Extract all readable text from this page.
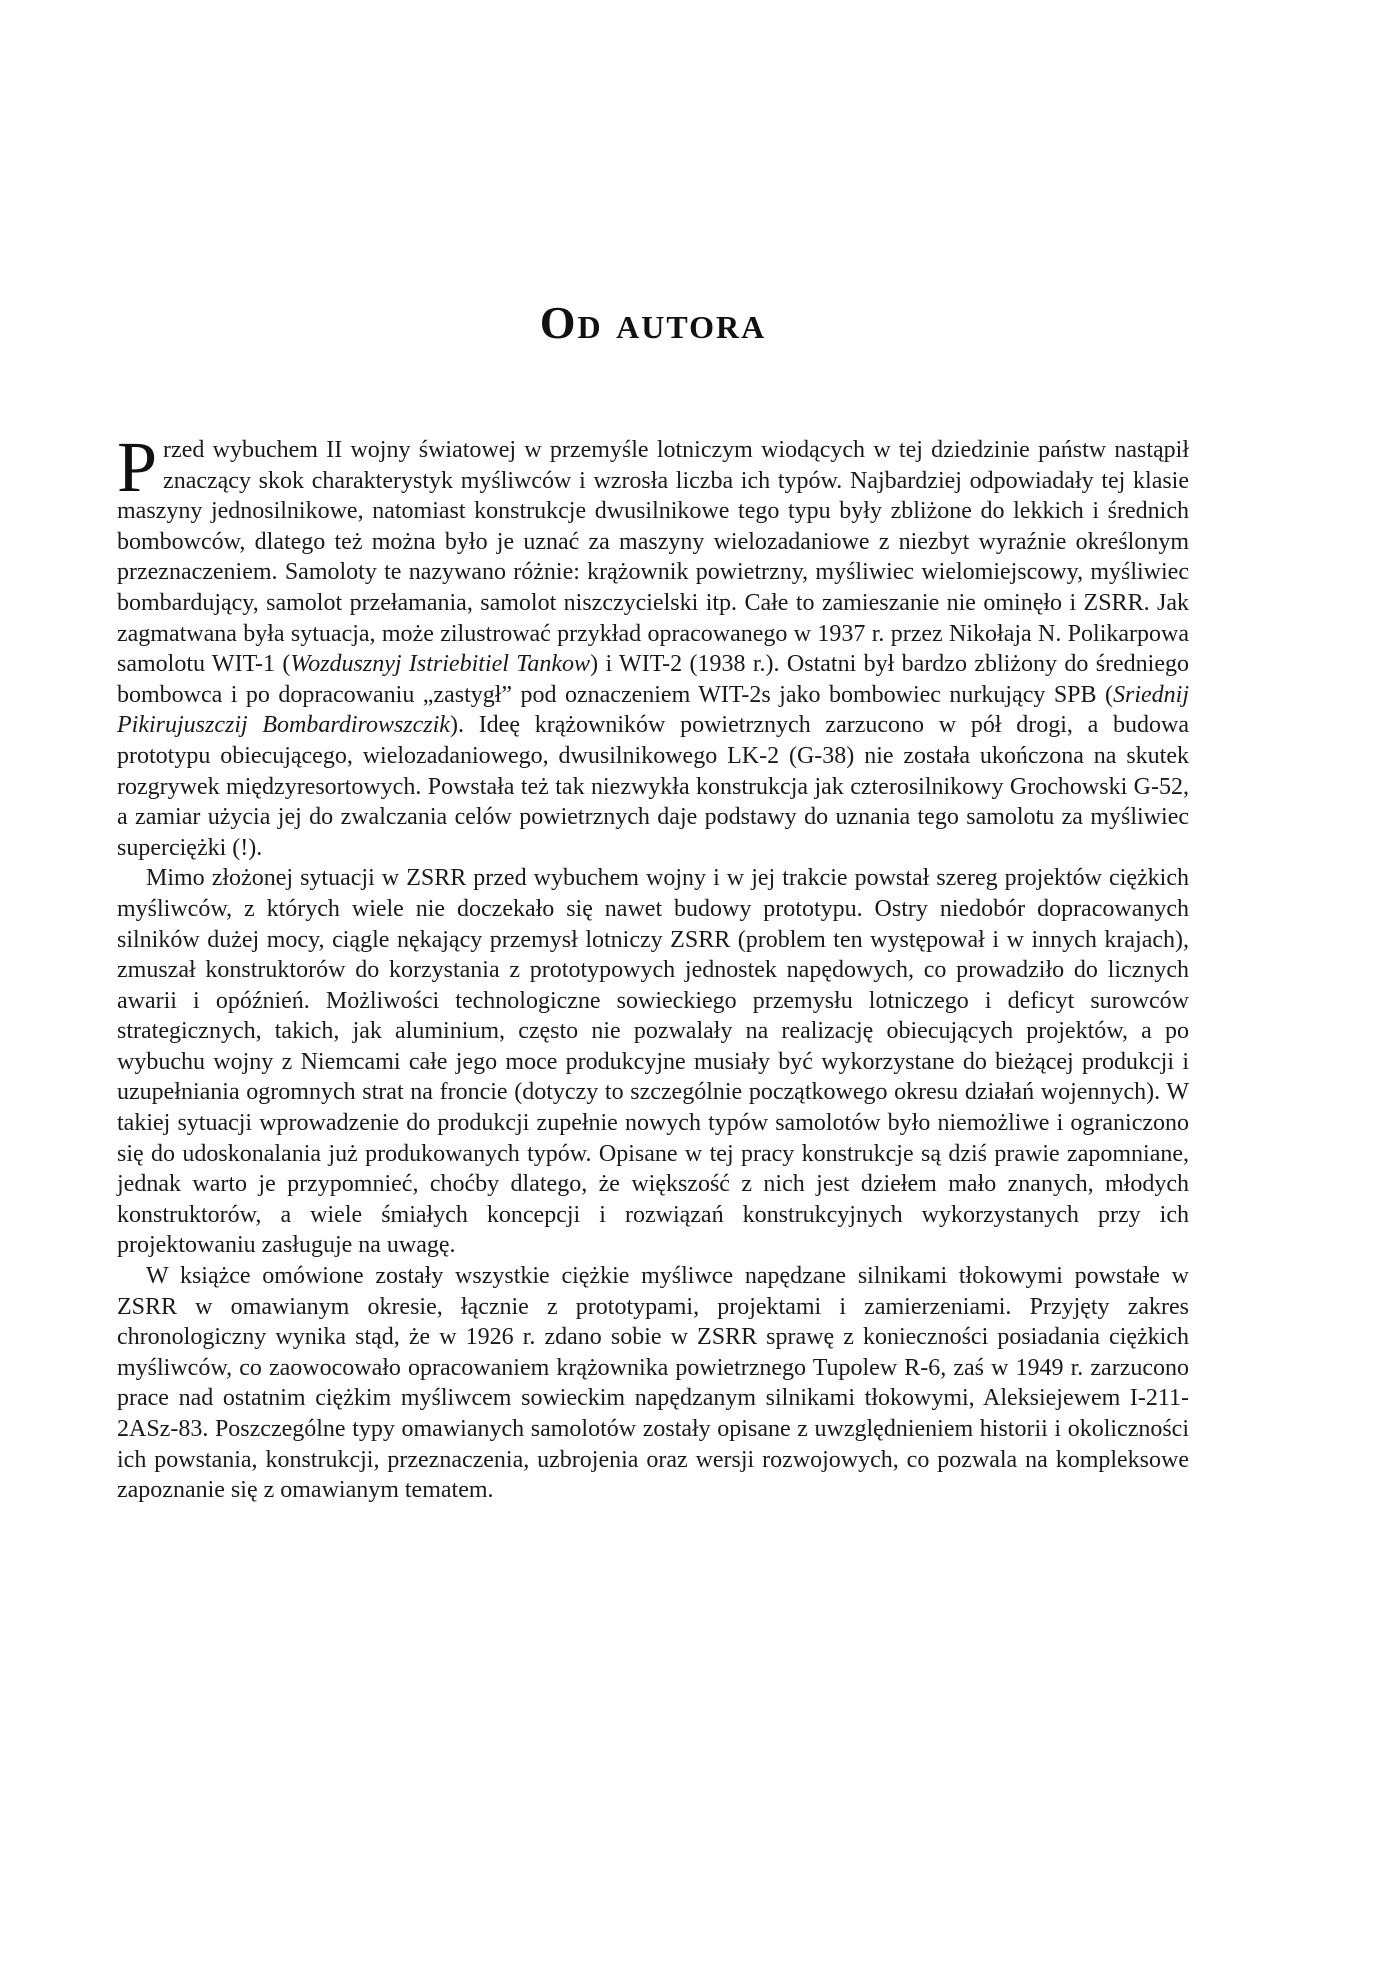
Od autora

Przed wybuchem II wojny światowej w przemyśle lotniczym wiodących w tej dziedzinie państw nastąpił znaczący skok charakterystyk myśliwców i wzrosła liczba ich typów. Najbardziej odpowiadały tej klasie maszyny jednosilnikowe, natomiast konstrukcje dwusilnikowe tego typu były zbliżone do lekkich i średnich bombowców, dlatego też można było je uznać za maszyny wielozadaniowe z niezbyt wyraźnie określonym przeznaczeniem. Samoloty te nazywano różnie: krążownik powietrzny, myśliwiec wielomiejscowy, myśliwiec bombardujący, samolot przełamania, samolot niszczycielski itp. Całe to zamieszanie nie ominęło i ZSRR. Jak zagmatwana była sytuacja, może zilustrować przykład opracowanego w 1937 r. przez Nikołaja N. Polikarpowa samolotu WIT-1 (Wozdusznyj Istriebitiel Tankow) i WIT-2 (1938 r.). Ostatni był bardzo zbliżony do średniego bombowca i po dopracowaniu „zastygł” pod oznaczeniem WIT-2s jako bombowiec nurkujący SPB (Sriednij Pikirujuszczij Bombardirowszczik). Ideę krążowników powietrznych zarzucono w pół drogi, a budowa prototypu obiecującego, wielozadaniowego, dwusilnikowego LK-2 (G-38) nie została ukończona na skutek rozgrywek międzyresortowych. Powstała też tak niezwykła konstrukcja jak czterosilnikowy Grochowski G-52, a zamiar użycia jej do zwalczania celów powietrznych daje podstawy do uznania tego samolotu za myśliwiec superciężki (!).

Mimo złożonej sytuacji w ZSRR przed wybuchem wojny i w jej trakcie powstał szereg projektów ciężkich myśliwców, z których wiele nie doczekało się nawet budowy prototypu. Ostry niedobór dopracowanych silników dużej mocy, ciągle nękający przemysł lotniczy ZSRR (problem ten występował i w innych krajach), zmuszał konstruktorów do korzystania z prototypowych jednostek napędowych, co prowadziło do licznych awarii i opóźnień. Możliwości technologiczne sowieckiego przemysłu lotniczego i deficyt surowców strategicznych, takich, jak aluminium, często nie pozwalały na realizację obiecujących projektów, a po wybuchu wojny z Niemcami całe jego moce produkcyjne musiały być wykorzystane do bieżącej produkcji i uzupełniania ogromnych strat na froncie (dotyczy to szczególnie początkowego okresu działań wojennych). W takiej sytuacji wprowadzenie do produkcji zupełnie nowych typów samolotów było niemożliwe i ograniczono się do udoskonalania już produkowanych typów. Opisane w tej pracy konstrukcje są dziś prawie zapomniane, jednak warto je przypomnieć, choćby dlatego, że większość z nich jest dziełem mało znanych, młodych konstruktorów, a wiele śmiałych koncepcji i rozwiązań konstrukcyjnych wykorzystanych przy ich projektowaniu zasługuje na uwagę.

W książce omówione zostały wszystkie ciężkie myśliwce napędzane silnikami tłokowymi powstałe w ZSRR w omawianym okresie, łącznie z prototypami, projektami i zamierzeniami. Przyjęty zakres chronologiczny wynika stąd, że w 1926 r. zdano sobie w ZSRR sprawę z konieczności posiadania ciężkich myśliwców, co zaowocowało opracowaniem krążownika powietrznego Tupolew R-6, zaś w 1949 r. zarzucono prace nad ostatnim ciężkim myśliwcem sowieckim napędzanym silnikami tłokowymi, Aleksiejewem I-211-2ASz-83. Poszczególne typy omawianych samolotów zostały opisane z uwzględnieniem historii i okoliczności ich powstania, konstrukcji, przeznaczenia, uzbrojenia oraz wersji rozwojowych, co pozwala na kompleksowe zapoznanie się z omawianym tematem.
